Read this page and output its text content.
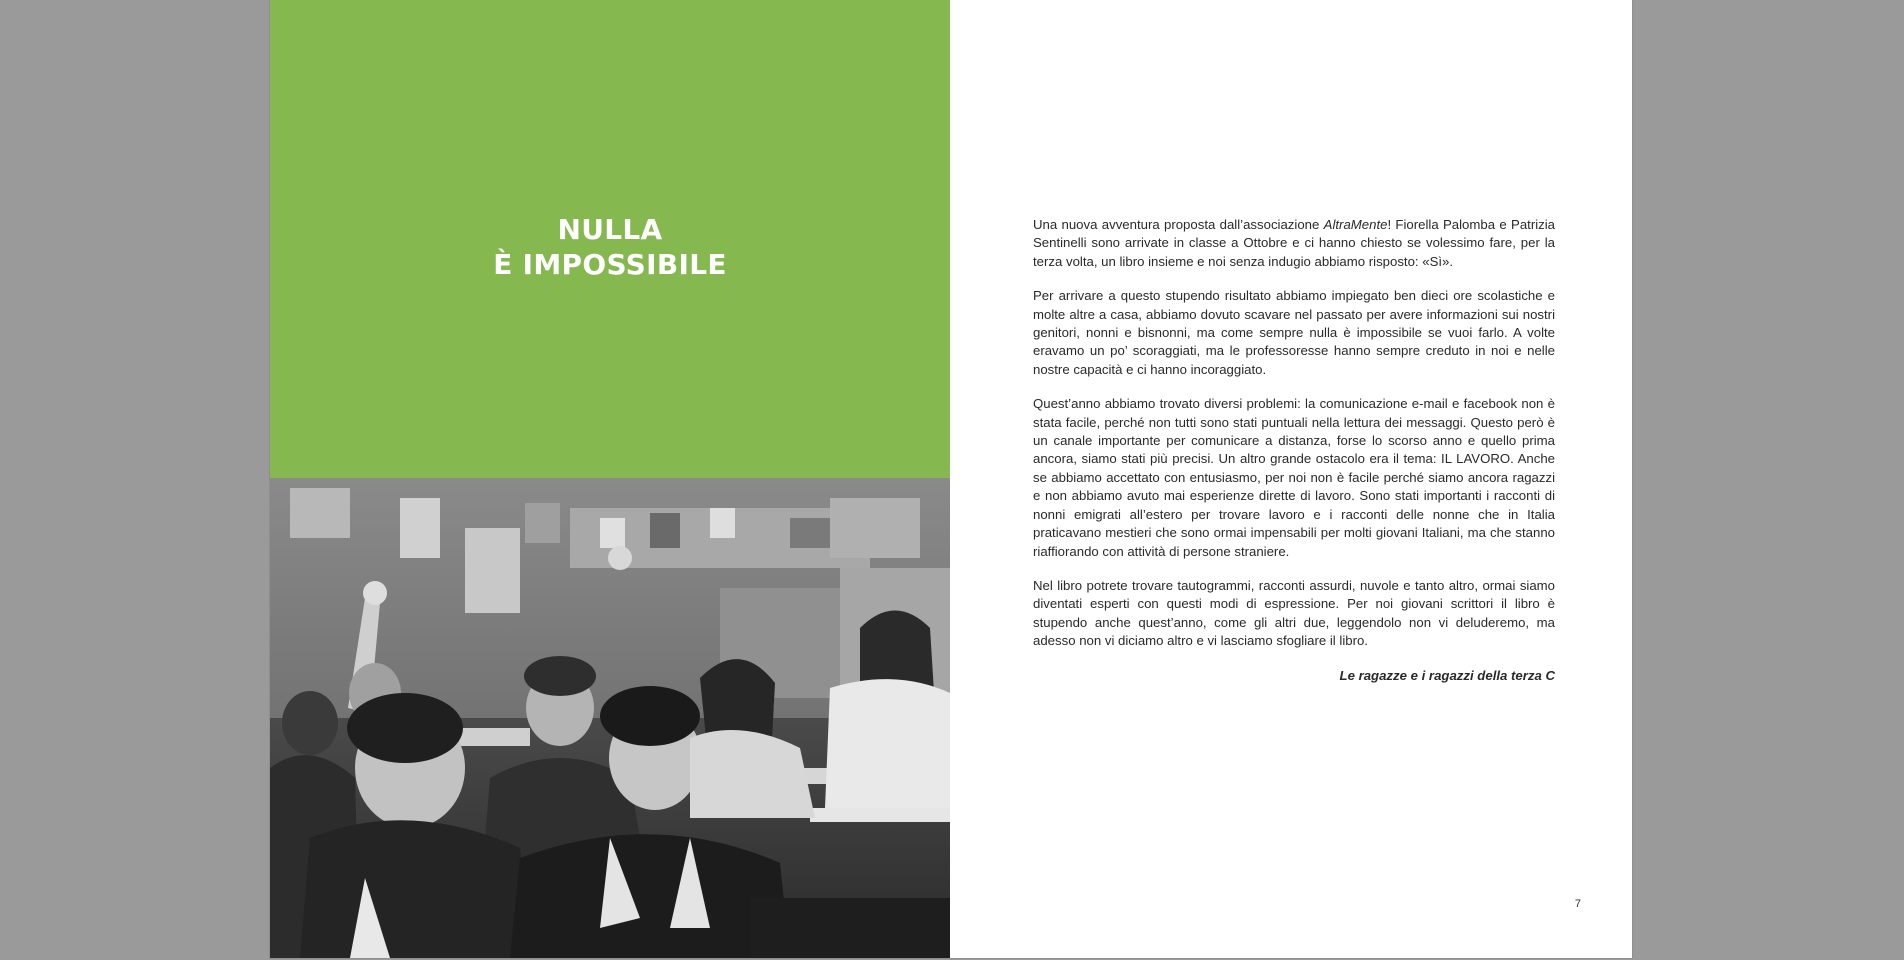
NULLA
È IMPOSSIBILE

Una nuova avventura proposta dall’associazione AltraMente! Fiorella Palomba e Patrizia Sentinelli sono arrivate in classe a Ottobre e ci hanno chiesto se volessimo fare, per la terza volta, un libro insieme e noi senza indugio abbiamo risposto: «Sì».

Per arrivare a questo stupendo risultato abbiamo impiegato ben dieci ore scolastiche e molte altre a casa, abbiamo dovuto scavare nel passato per avere informazioni sui nostri genitori, nonni e bisnonni, ma come sempre nulla è impossibile se vuoi farlo. A volte eravamo un po’ scoraggiati, ma le professoresse hanno sempre creduto in noi e nelle nostre capacità e ci hanno incoraggiato.

Quest’anno abbiamo trovato diversi problemi: la comunicazione e-mail e facebook non è stata facile, perché non tutti sono stati puntuali nella lettura dei messaggi. Questo però è un canale importante per comunicare a distanza, forse lo scorso anno e quello prima ancora, siamo stati più precisi. Un altro grande ostacolo era il tema: IL LAVORO. Anche se abbiamo accettato con entusiasmo, per noi non è facile perché siamo ancora ragazzi e non abbiamo avuto mai esperienze dirette di lavoro. Sono stati importanti i racconti di nonni emigrati all’estero per trovare lavoro e i racconti delle nonne che in Italia praticavano mestieri che sono ormai impensabili per molti giovani Italiani, ma che stanno riaffiorando con attività di persone straniere.

Nel libro potrete trovare tautogrammi, racconti assurdi, nuvole e tanto altro, ormai siamo diventati esperti con questi modi di espressione. Per noi giovani scrittori il libro è stupendo anche quest’anno, come gli altri due, leggendolo non vi deluderemo, ma adesso non vi diciamo altro e vi lasciamo sfogliare il libro.

Le ragazze e i ragazzi della terza C
7
